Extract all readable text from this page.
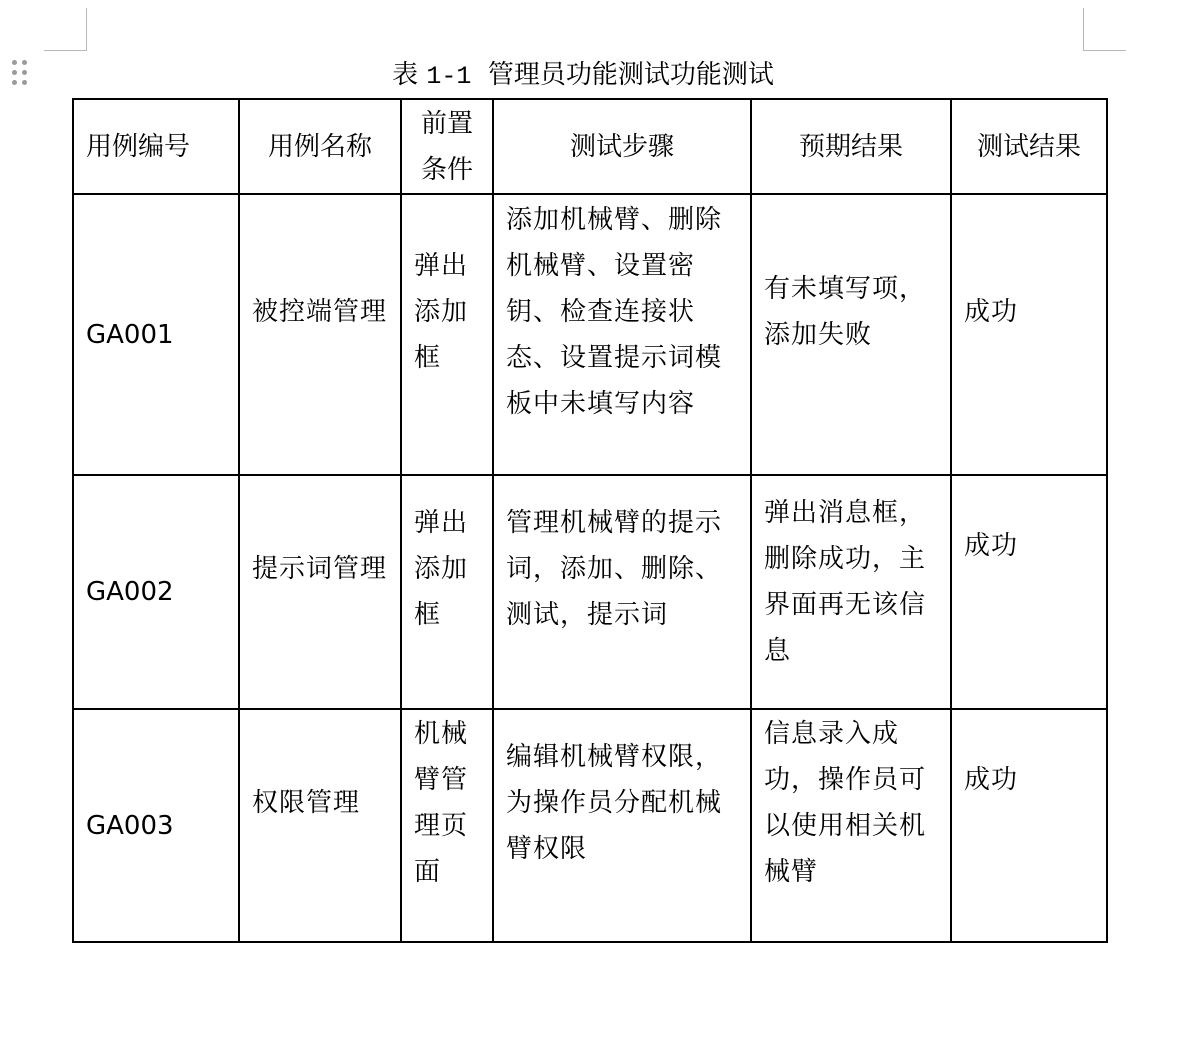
表 1-1 管理员功能测试功能测试
用例编号	用例名称	前置条件	测试步骤	预期结果	测试结果
GA001	被控端管理	弹出添加框	添加机械臂、删除机械臂、设置密钥、检查连接状态、设置提示词模板中未填写内容	有未填写项，添加失败	成功
GA002	提示词管理	弹出添加框	管理机械臂的提示词，添加、删除、测试，提示词	弹出消息框，删除成功，主界面再无该信息	成功
GA003	权限管理	机械臂管理页面	编辑机械臂权限，为操作员分配机械臂权限	信息录入成功，操作员可以使用相关机械臂	成功
